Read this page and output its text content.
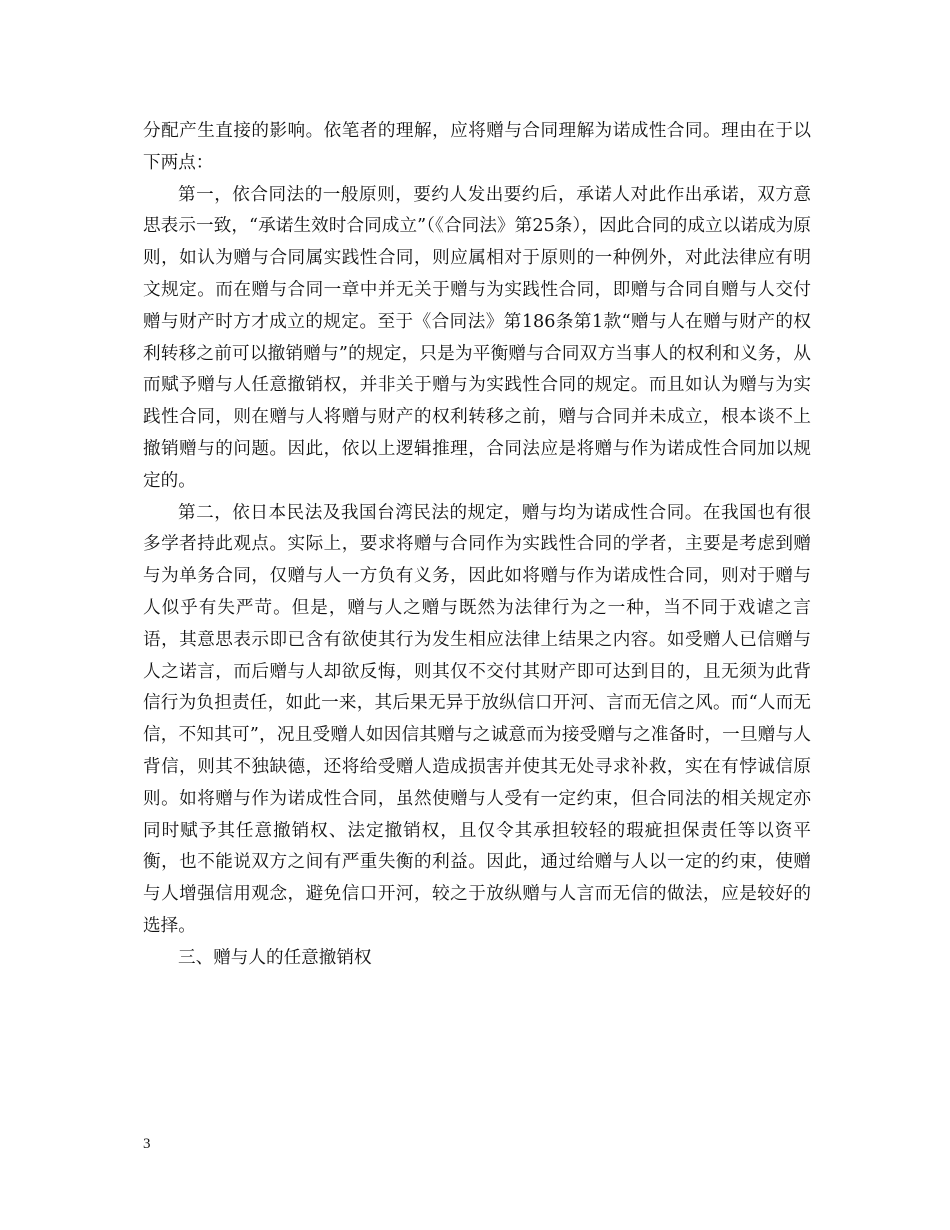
分配产生直接的影响。依笔者的理解，应将赠与合同理解为诺成性合同。理由在于以下两点：

第一，依合同法的一般原则，要约人发出要约后，承诺人对此作出承诺，双方意思表示一致，“承诺生效时合同成立”（《合同法》第25条），因此合同的成立以诺成为原则，如认为赠与合同属实践性合同，则应属相对于原则的一种例外，对此法律应有明文规定。而在赠与合同一章中并无关于赠与为实践性合同，即赠与合同自赠与人交付赠与财产时方才成立的规定。至于《合同法》第186条第1款“赠与人在赠与财产的权利转移之前可以撤销赠与”的规定，只是为平衡赠与合同双方当事人的权利和义务，从而赋予赠与人任意撤销权，并非关于赠与为实践性合同的规定。而且如认为赠与为实践性合同，则在赠与人将赠与财产的权利转移之前，赠与合同并未成立，根本谈不上撤销赠与的问题。因此，依以上逻辑推理，合同法应是将赠与作为诺成性合同加以规定的。

第二，依日本民法及我国台湾民法的规定，赠与均为诺成性合同。在我国也有很多学者持此观点。实际上，要求将赠与合同作为实践性合同的学者，主要是考虑到赠与为单务合同，仅赠与人一方负有义务，因此如将赠与作为诺成性合同，则对于赠与人似乎有失严苛。但是，赠与人之赠与既然为法律行为之一种，当不同于戏谑之言语，其意思表示即已含有欲使其行为发生相应法律上结果之内容。如受赠人已信赠与人之诺言，而后赠与人却欲反悔，则其仅不交付其财产即可达到目的，且无须为此背信行为负担责任，如此一来，其后果无异于放纵信口开河、言而无信之风。而“人而无信，不知其可”，况且受赠人如因信其赠与之诚意而为接受赠与之准备时，一旦赠与人背信，则其不独缺德，还将给受赠人造成损害并使其无处寻求补救，实在有悖诚信原则。如将赠与作为诺成性合同，虽然使赠与人受有一定约束，但合同法的相关规定亦同时赋予其任意撤销权、法定撤销权，且仅令其承担较轻的瑕疵担保责任等以资平衡，也不能说双方之间有严重失衡的利益。因此，通过给赠与人以一定的约束，使赠与人增强信用观念，避免信口开河，较之于放纵赠与人言而无信的做法，应是较好的选择。

三、赠与人的任意撤销权

3
